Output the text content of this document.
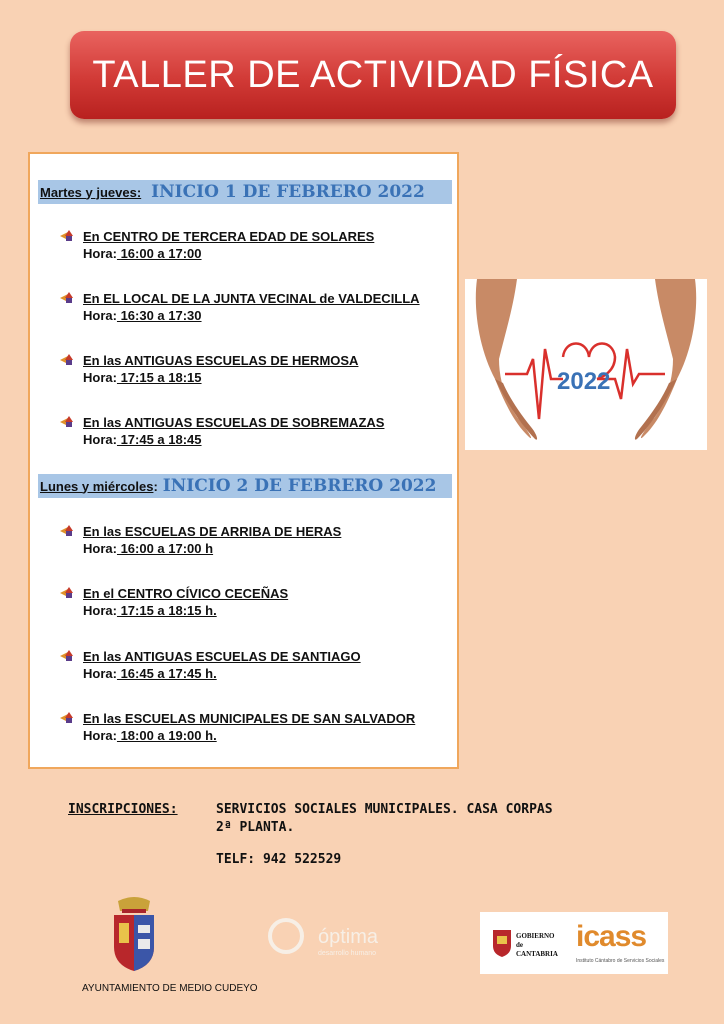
TALLER DE ACTIVIDAD FÍSICA
Martes y jueves: INICIO 1 DE FEBRERO 2022
En CENTRO DE TERCERA EDAD DE SOLARES
Hora: 16:00 a 17:00
En EL LOCAL DE LA JUNTA VECINAL de VALDECILLA
Hora: 16:30 a 17:30
En las ANTIGUAS ESCUELAS DE HERMOSA
Hora: 17:15 a 18:15
En las ANTIGUAS ESCUELAS DE SOBREMAZAS
Hora: 17:45 a 18:45
Lunes y miércoles : INICIO 2 DE FEBRERO 2022
En las ESCUELAS DE ARRIBA DE HERAS
Hora: 16:00 a 17:00 h
En el CENTRO CÍVICO CECEÑAS
Hora: 17:15 a 18:15 h.
En las ANTIGUAS ESCUELAS DE SANTIAGO
Hora: 16:45 a 17:45 h.
En las ESCUELAS MUNICIPALES DE SAN SALVADOR
Hora: 18:00 a 19:00 h.
2022
INSCRIPCIONES:	SERVICIOS SOCIALES MUNICIPALES. CASA CORPAS
2ª PLANTA.
TELF: 942 522529
AYUNTAMIENTO DE MEDIO CUDEYO
óptima
desarrollo humano
GOBIERNO
de
CANTABRIA
icass
Instituto Cántabro de Servicios Sociales
